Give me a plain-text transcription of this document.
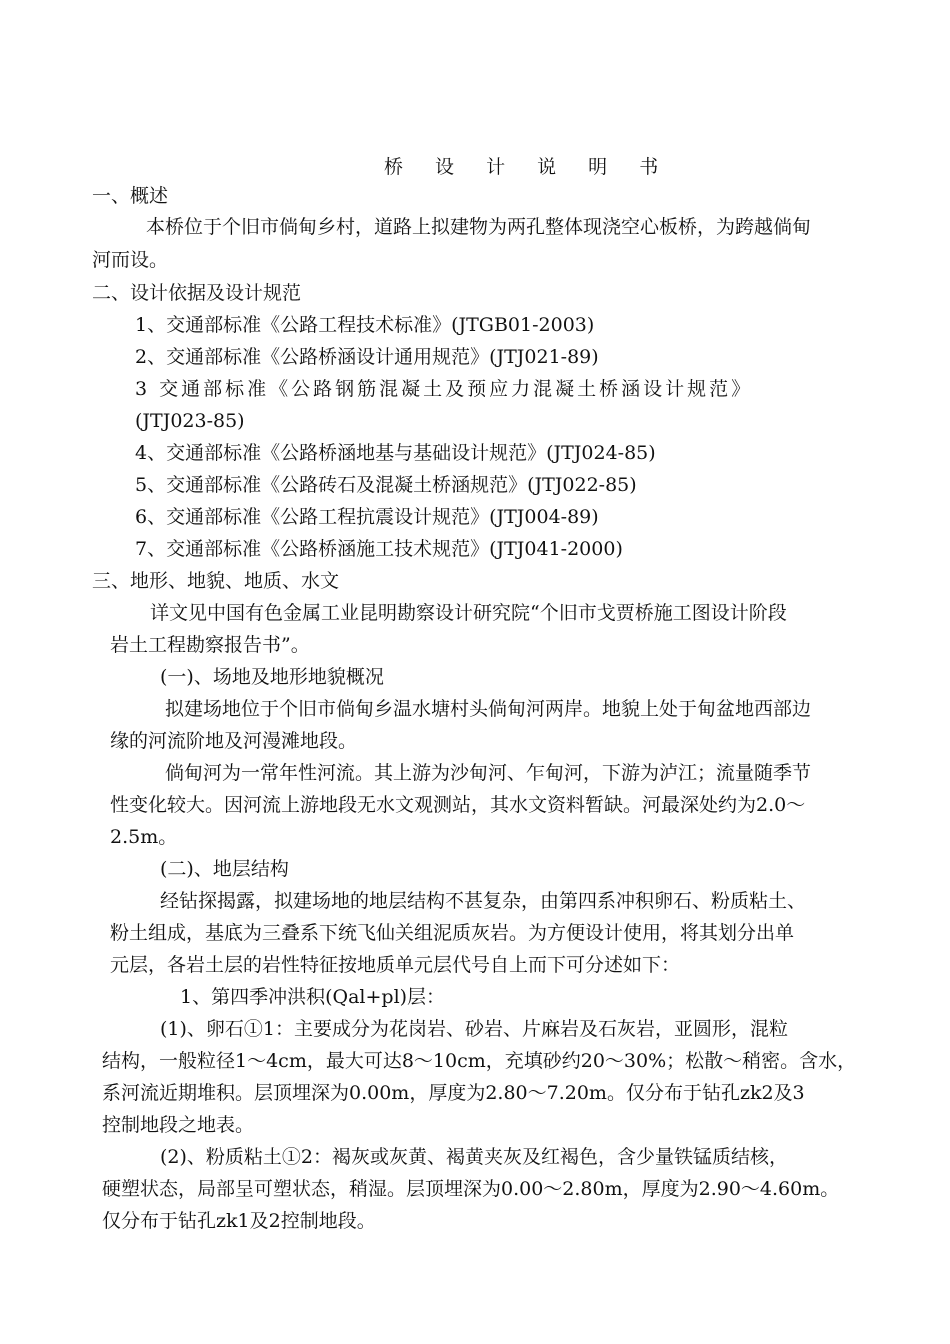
桥 设 计 说 明 书
一、概述
本桥位于个旧市倘甸乡村，道路上拟建物为两孔整体现浇空心板桥，为跨越倘甸
河而设。
二、设计依据及设计规范
1、交通部标准《公路工程技术标准》(JTGB01-2003)
2、交通部标准《公路桥涵设计通用规范》(JTJ021-89)
3 交通部标准《公路钢筋混凝土及预应力混凝土桥涵设计规范》
(JTJ023-85)
4、交通部标准《公路桥涵地基与基础设计规范》(JTJ024-85)
5、交通部标准《公路砖石及混凝土桥涵规范》(JTJ022-85)
6、交通部标准《公路工程抗震设计规范》(JTJ004-89)
7、交通部标准《公路桥涵施工技术规范》(JTJ041-2000)
三、地形、地貌、地质、水文
详文见中国有色金属工业昆明勘察设计研究院“个旧市戈贾桥施工图设计阶段
岩土工程勘察报告书”。
(一)、场地及地形地貌概况
拟建场地位于个旧市倘甸乡温水塘村头倘甸河两岸。地貌上处于甸盆地西部边
缘的河流阶地及河漫滩地段。
倘甸河为一常年性河流。其上游为沙甸河、乍甸河，下游为泸江；流量随季节
性变化较大。因河流上游地段无水文观测站，其水文资料暂缺。河最深处约为2.0～
2.5m。
(二)、地层结构
经钻探揭露，拟建场地的地层结构不甚复杂，由第四系冲积卵石、粉质粘土、
粉土组成，基底为三叠系下统飞仙关组泥质灰岩。为方便设计使用，将其划分出单
元层，各岩土层的岩性特征按地质单元层代号自上而下可分述如下：
1、第四季冲洪积(Qal+pl)层：
(1)、卵石①1：主要成分为花岗岩、砂岩、片麻岩及石灰岩，亚圆形，混粒
结构，一般粒径1～4cm，最大可达8～10cm，充填砂约20～30%；松散～稍密。含水，
系河流近期堆积。层顶埋深为0.00m，厚度为2.80～7.20m。仅分布于钻孔zk2及3
控制地段之地表。
(2)、粉质粘土①2：褐灰或灰黄、褐黄夹灰及红褐色，含少量铁锰质结核，
硬塑状态，局部呈可塑状态，稍湿。层顶埋深为0.00～2.80m，厚度为2.90～4.60m。
仅分布于钻孔zk1及2控制地段。
